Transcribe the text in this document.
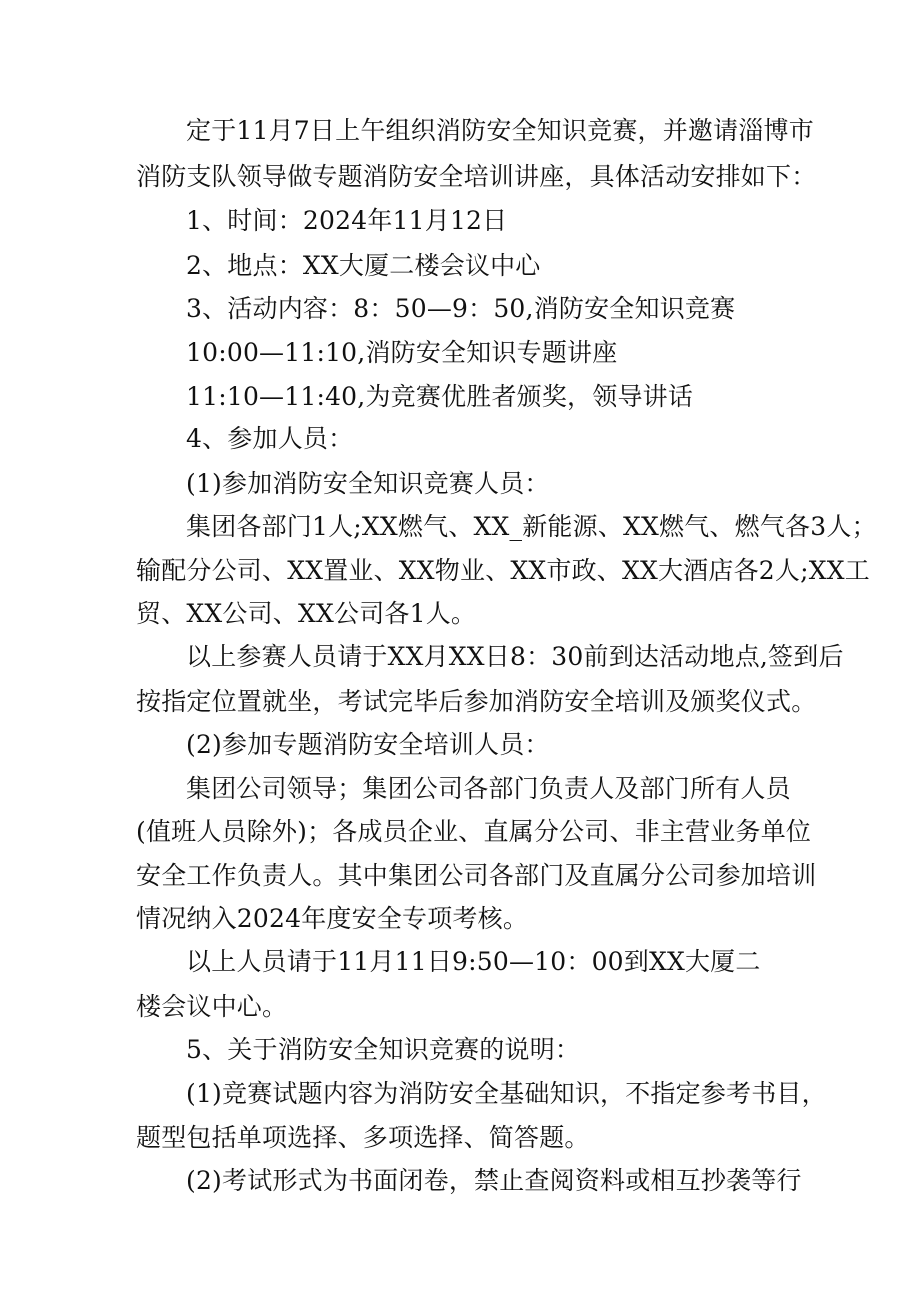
定于11月7日上午组织消防安全知识竞赛，并邀请淄博市
消防支队领导做专题消防安全培训讲座，具体活动安排如下：
1、时间：2024年11月12日
2、地点：XX大厦二楼会议中心
3、活动内容：8：50—9：50,消防安全知识竞赛
10:00—11:10,消防安全知识专题讲座
11:10—11:40,为竞赛优胜者颁奖，领导讲话
4、参加人员：
(1)参加消防安全知识竞赛人员：
集团各部门1人;XX燃气、XX_新能源、XX燃气、燃气各3人；
输配分公司、XX置业、XX物业、XX市政、XX大酒店各2人;XX工
贸、XX公司、XX公司各1人。
以上参赛人员请于XX月XX日8：30前到达活动地点,签到后
按指定位置就坐，考试完毕后参加消防安全培训及颁奖仪式。
(2)参加专题消防安全培训人员：
集团公司领导；集团公司各部门负责人及部门所有人员
(值班人员除外)；各成员企业、直属分公司、非主营业务单位
安全工作负责人。其中集团公司各部门及直属分公司参加培训
情况纳入2024年度安全专项考核。
以上人员请于11月11日9:50—10：00到XX大厦二
楼会议中心。
5、关于消防安全知识竞赛的说明：
(1)竞赛试题内容为消防安全基础知识，不指定参考书目，
题型包括单项选择、多项选择、简答题。
(2)考试形式为书面闭卷，禁止查阅资料或相互抄袭等行
